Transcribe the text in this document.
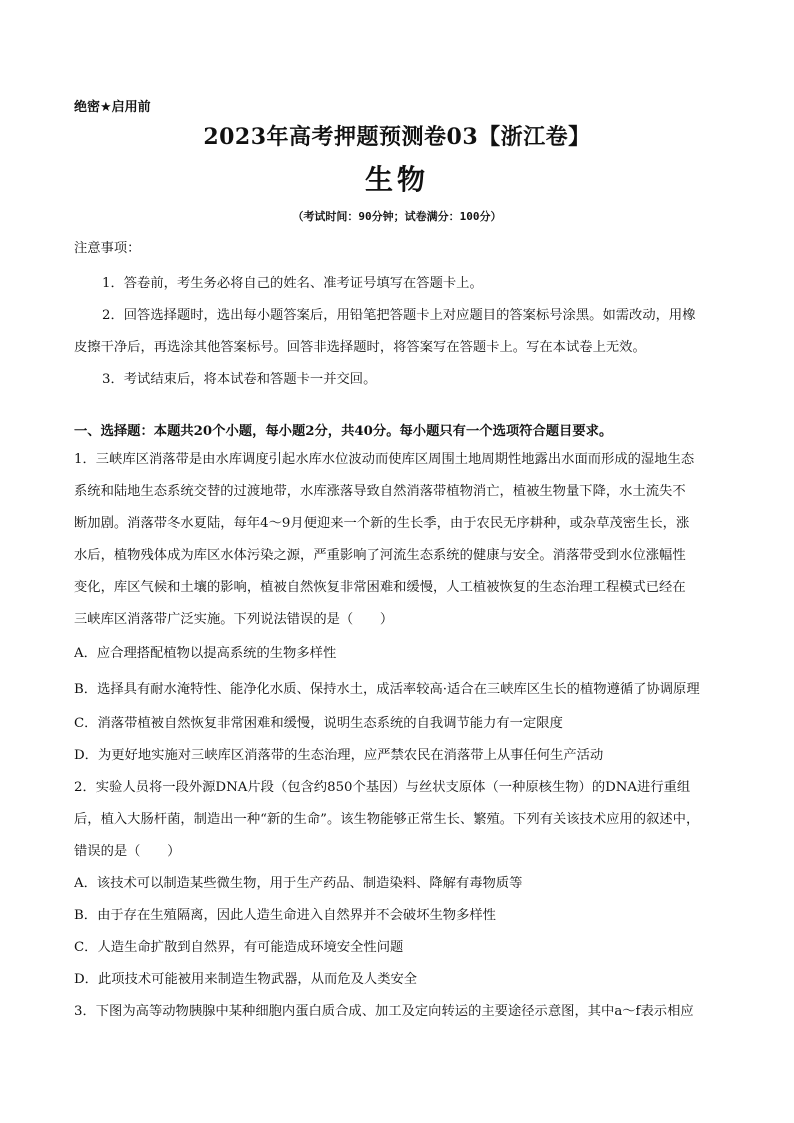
绝密★启用前
2023年高考押题预测卷03【浙江卷】
生物
（考试时间：90分钟；试卷满分：100分）
注意事项：
1．答卷前，考生务必将自己的姓名、准考证号填写在答题卡上。
2．回答选择题时，选出每小题答案后，用铅笔把答题卡上对应题目的答案标号涂黑。如需改动，用橡
皮擦干净后，再选涂其他答案标号。回答非选择题时，将答案写在答题卡上。写在本试卷上无效。
3．考试结束后，将本试卷和答题卡一并交回。
一、选择题：本题共20个小题，每小题2分，共40分。每小题只有一个选项符合题目要求。
1．三峡库区消落带是由水库调度引起水库水位波动而使库区周围土地周期性地露出水面而形成的湿地生态
系统和陆地生态系统交替的过渡地带，水库涨落导致自然消落带植物消亡，植被生物量下降，水土流失不
断加剧。消落带冬水夏陆，每年4～9月便迎来一个新的生长季，由于农民无序耕种，或杂草茂密生长，涨
水后，植物残体成为库区水体污染之源，严重影响了河流生态系统的健康与安全。消落带受到水位涨幅性
变化，库区气候和土壤的影响，植被自然恢复非常困难和缓慢，人工植被恢复的生态治理工程模式已经在
三峡库区消落带广泛实施。下列说法错误的是（　　）
A．应合理搭配植物以提高系统的生物多样性
B．选择具有耐水淹特性、能净化水质、保持水土，成活率较高·适合在三峡库区生长的植物遵循了协调原理
C．消落带植被自然恢复非常困难和缓慢，说明生态系统的自我调节能力有一定限度
D．为更好地实施对三峡库区消落带的生态治理，应严禁农民在消落带上从事任何生产活动
2．实验人员将一段外源DNA片段（包含约850个基因）与丝状支原体（一种原核生物）的DNA进行重组
后，植入大肠杆菌，制造出一种“新的生命”。该生物能够正常生长、繁殖。下列有关该技术应用的叙述中，
错误的是（　　）
A．该技术可以制造某些微生物，用于生产药品、制造染料、降解有毒物质等
B．由于存在生殖隔离，因此人造生命进入自然界并不会破坏生物多样性
C．人造生命扩散到自然界，有可能造成环境安全性问题
D．此项技术可能被用来制造生物武器，从而危及人类安全
3．下图为高等动物胰腺中某种细胞内蛋白质合成、加工及定向转运的主要途径示意图，其中a～f表示相应
